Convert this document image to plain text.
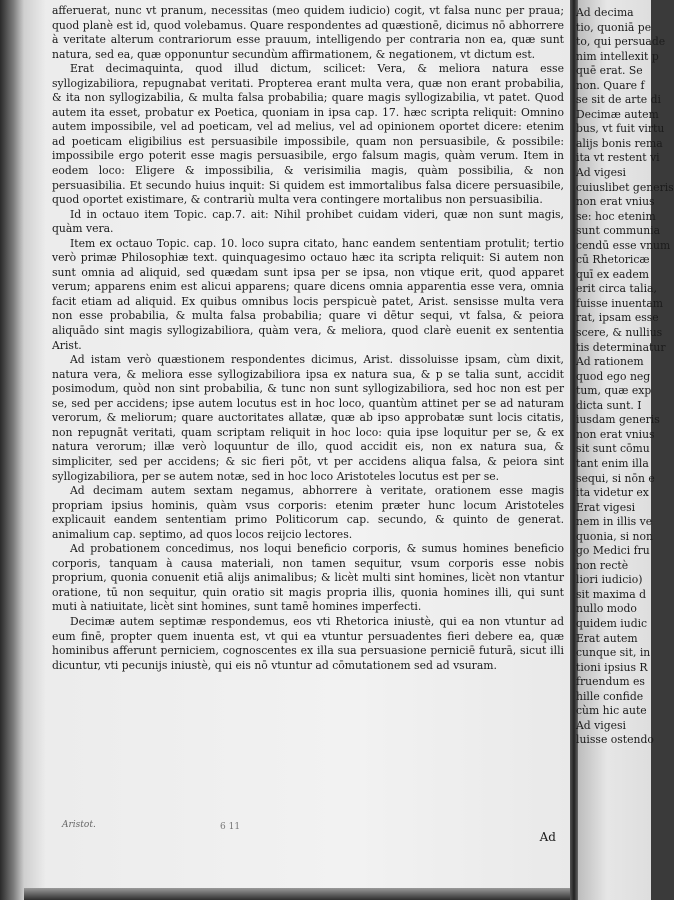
afferuerat, nunc vt pranum, necessitas (meo quidem iudicio) cogit, vt falsa nunc per praua; quod planè est id, quod volebamus. Quare respondentes ad quæstionē, dicimus nō abhorrere à veritate alterum contrariorum esse prauum, intelligendo per contraria non ea, quæ sunt natura, sed ea, quæ opponuntur secundùm affirmationem, & negationem, vt dictum est.

Erat decimaquinta, quod illud dictum, scilicet: Vera, & meliora natura esse syllogizabiliora, repugnabat veritati. Propterea erant multa vera, quæ non erant probabilia, & ita non syllogizabilia, & multa falsa probabilia; quare magis syllogizabilia, vt patet. Quod autem ita esset, probatur ex Poetica, quoniam in ipsa cap. 17. hæc scripta reliquit: Omnino autem impossibile, vel ad poeticam, vel ad melius, vel ad opinionem oportet dicere: etenim ad poeticam eligibilius est persuasibile impossibile, quam non persuasibile, & possibile: impossibile ergo poterit esse magis persuasibile, ergo falsum magis, quàm verum. Item in eodem loco: Eligere & impossibilia, & verisimilia magis, quàm possibilia, & non persuasibilia. Et secundo huius inquit: Si quidem est immortalibus falsa dicere persuasibile, quod oportet existimare, & contrariù multa vera contingere mortalibus non persuasibilia.

Id in octauo item Topic. cap.7. ait: Nihil prohibet cuidam videri, quæ non sunt magis, quàm vera.

Item ex octauo Topic. cap. 10. loco supra citato, hanc eandem sententiam protulit; tertio verò primæ Philosophiæ text. quinquagesimo octauo hæc ita scripta reliquit: Si autem non sunt omnia ad aliquid, sed quædam sunt ipsa per se ipsa, non vtique erit, quod apparet verum; apparens enim est alicui apparens; quare dicens omnia apparentia esse vera, omnia facit etiam ad aliquid. Ex quibus omnibus locis perspicuè patet, Arist. sensisse multa vera non esse probabilia, & multa falsa probabilia; quare vi dētur sequi, vt falsa, & peiora aliquādo sint magis syllogizabiliora, quàm vera, & meliora, quod clarè euenit ex sententia Arist.

Ad istam verò quæstionem respondentes dicimus, Arist. dissoluisse ipsam, cùm dixit, natura vera, & meliora esse syllogizabiliora ipsa ex natura sua, & p se talia sunt, accidit posimodum, quòd non sint probabilia, & tunc non sunt syllogizabiliora, sed hoc non est per se, sed per accidens; ipse autem locutus est in hoc loco, quantùm attinet per se ad naturam verorum, & meliorum; quare auctoritates allatæ, quæ ab ipso approbatæ sunt locis citatis, non repugnāt veritati, quam scriptam reliquit in hoc loco: quia ipse loquitur per se, & ex natura verorum; illæ verò loquuntur de illo, quod accidit eis, non ex natura sua, & simpliciter, sed per accidens; & sic fieri pōt, vt per accidens aliqua falsa, & peiora sint syllogizabiliora, per se autem notæ, sed in hoc loco Aristoteles locutus est per se.

Ad decimam autem sextam negamus, abhorrere à veritate, orationem esse magis propriam ipsius hominis, quàm vsus corporis: etenim præter hunc locum Aristoteles explicauit eandem sententiam primo Politicorum cap. secundo, & quinto de generat. animalium cap. septimo, ad quos locos reijcio lectores.

Ad probationem concedimus, nos loqui beneficio corporis, & sumus homines beneficio corporis, tanquam à causa materiali, non tamen sequitur, vsum corporis esse nobis proprium, quonia conuenit etiā alijs animalibus; & licèt multi sint homines, licèt non vtantur oratione, tū non sequitur, quin oratio sit magis propria illis, quonia homines illi, qui sunt muti à natiuitate, licèt sint homines, sunt tamē homines imperfecti.

Decimæ autem septimæ respondemus, eos vti Rhetorica iniustè, qui ea non vtuntur ad eum finē, propter quem inuenta est, vt qui ea vtuntur persuadentes fieri debere ea, quæ hominibus afferunt perniciem, cognoscentes ex illa sua persuasione perniciē futurā, sicut illi dicuntur, vti pecunijs iniustè, qui eis nō vtuntur ad cōmutationem sed ad vsuram.

Aristot.	6 11
Ad
Ad decima
tio, quoniā pe
to, qui persuade
nim intellexit p
quē erat. Se
non. Quare f
se sit de arte di
Decimæ autem
bus, vt fuit virtu
alijs bonis rema
ita vt restent vi
Ad vigesi
cuiuslibet generis
non erat vnius
se: hoc etenim
sunt communia
cendū esse vnum
cū Rhetoricæ
quī ex eadem
erit circa talia,
fuisse inuentam
rat, ipsam esse
scere, & nullius
tis determinatur
Ad rationem
quod ego neg
tum, quæ exp
dicta sunt. I
iusdam generis
non erat vnius
sit sunt cōmu
tant enim illa
sequi, si nōn e
ita videtur ex
Erat vigesi
nem in illis ve
quonia, si non
go Medici fru
non rectè
liori iudicio)
sit maxima d
nullo modo
quidem iudic
Erat autem
cunque sit, in
tioni ipsius R
fruendum es
hille confide
cùm hic aute
Ad vigesi
luisse ostendo
